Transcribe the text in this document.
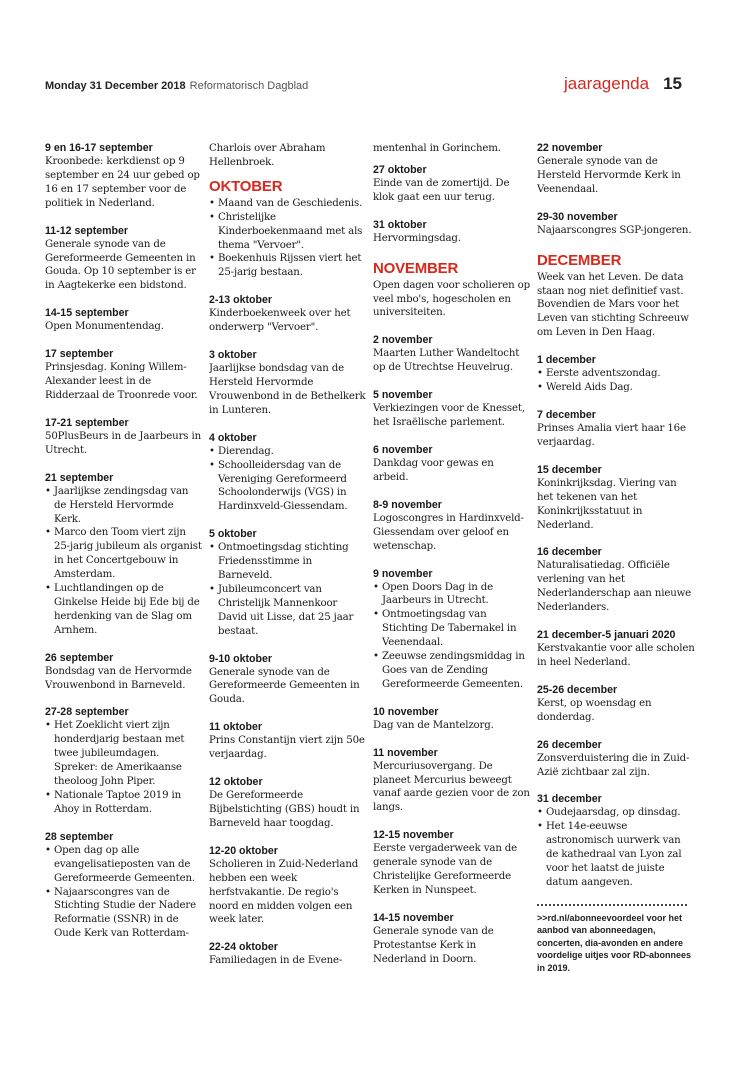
Monday 31 December 2018 Reformatorisch Dagblad	jaaragenda 15
9 en 16-17 september
Kroonbede: kerkdienst op 9 september en 24 uur gebed op 16 en 17 september voor de politiek in Nederland.
11-12 september
Generale synode van de Gereformeerde Gemeenten in Gouda. Op 10 september is er in Aagtekerke een bidstond.
14-15 september
Open Monumentendag.
17 september
Prinsjesdag. Koning Willem-Alexander leest in de Ridderzaal de Troonrede voor.
17-21 september
50PlusBeurs in de Jaarbeurs in Utrecht.
21 september
• Jaarlijkse zendingsdag van de Hersteld Hervormde Kerk.
• Marco den Toom viert zijn 25-jarig jubileum als organist in het Concertgebouw in Amsterdam.
• Luchtlandingen op de Ginkelse Heide bij Ede bij de herdenking van de Slag om Arnhem.
26 september
Bondsdag van de Hervormde Vrouwenbond in Barneveld.
27-28 september
• Het Zoeklicht viert zijn honderdjarig bestaan met twee jubileumdagen. Spreker: de Amerikaanse theoloog John Piper.
• Nationale Taptoe 2019 in Ahoy in Rotterdam.
28 september
• Open dag op alle evangelisatieposten van de Gereformeerde Gemeenten.
• Najaarscongres van de Stichting Studie der Nadere Reformatie (SSNR) in de Oude Kerk van Rotterdam-
Charlois over Abraham Hellenbroek.
OKTOBER
• Maand van de Geschiedenis.
• Christelijke Kinderboekenmaand met als thema "Vervoer".
• Boekenhuis Rijssen viert het 25-jarig bestaan.
2-13 oktober
Kinderboekenweek over het onderwerp "Vervoer".
3 oktober
Jaarlijkse bondsdag van de Hersteld Hervormde Vrouwenbond in de Bethelkerk in Lunteren.
4 oktober
• Dierendag.
• Schoolleidersdag van de Vereniging Gereformeerd Schoolonderwijs (VGS) in Hardinxveld-Giessendam.
5 oktober
• Ontmoetingsdag stichting Friedensstimme in Barneveld.
• Jubileumconcert van Christelijk Mannenkoor David uit Lisse, dat 25 jaar bestaat.
9-10 oktober
Generale synode van de Gereformeerde Gemeenten in Gouda.
11 oktober
Prins Constantijn viert zijn 50e verjaardag.
12 oktober
De Gereformeerde Bijbelstichting (GBS) houdt in Barneveld haar toogdag.
12-20 oktober
Scholieren in Zuid-Nederland hebben een week herfstvakantie. De regio's noord en midden volgen een week later.
22-24 oktober
Familiedagen in de Evene-
mentenhal in Gorinchem.
27 oktober
Einde van de zomertijd. De klok gaat een uur terug.
31 oktober
Hervormingsdag.
NOVEMBER
Open dagen voor scholieren op veel mbo's, hogescholen en universiteiten.
2 november
Maarten Luther Wandeltocht op de Utrechtse Heuvelrug.
5 november
Verkiezingen voor de Knesset, het Israëlische parlement.
6 november
Dankdag voor gewas en arbeid.
8-9 november
Logoscongres in Hardinxveld-Giessendam over geloof en wetenschap.
9 november
• Open Doors Dag in de Jaarbeurs in Utrecht.
• Ontmoetingsdag van Stichting De Tabernakel in Veenendaal.
• Zeeuwse zendingsmiddag in Goes van de Zending Gereformeerde Gemeenten.
10 november
Dag van de Mantelzorg.
11 november
Mercuriusovergang. De planeet Mercurius beweegt vanaf aarde gezien voor de zon langs.
12-15 november
Eerste vergaderweek van de generale synode van de Christelijke Gereformeerde Kerken in Nunspeet.
14-15 november
Generale synode van de Protestantse Kerk in Nederland in Doorn.
22 november
Generale synode van de Hersteld Hervormde Kerk in Veenendaal.
29-30 november
Najaarscongres SGP-jongeren.
DECEMBER
Week van het Leven. De data staan nog niet definitief vast. Bovendien de Mars voor het Leven van stichting Schreeuw om Leven in Den Haag.
1 december
• Eerste adventszondag.
• Wereld Aids Dag.
7 december
Prinses Amalia viert haar 16e verjaardag.
15 december
Koninkrijksdag. Viering van het tekenen van het Koninkrijksstatuut in Nederland.
16 december
Naturalisatiedag. Officiële verlening van het Nederlanderschap aan nieuwe Nederlanders.
21 december-5 januari 2020
Kerstvakantie voor alle scholen in heel Nederland.
25-26 december
Kerst, op woensdag en donderdag.
26 december
Zonsverduistering die in Zuid-Azië zichtbaar zal zijn.
31 december
• Oudejaarsdag, op dinsdag.
• Het 14e-eeuwse astronomisch uurwerk van de kathedraal van Lyon zal voor het laatst de juiste datum aangeven.
>>rd.nl/abonneevoordeel voor het aanbod van abonneedagen, concerten, dia-avonden en andere voordelige uitjes voor RD-abonnees in 2019.
